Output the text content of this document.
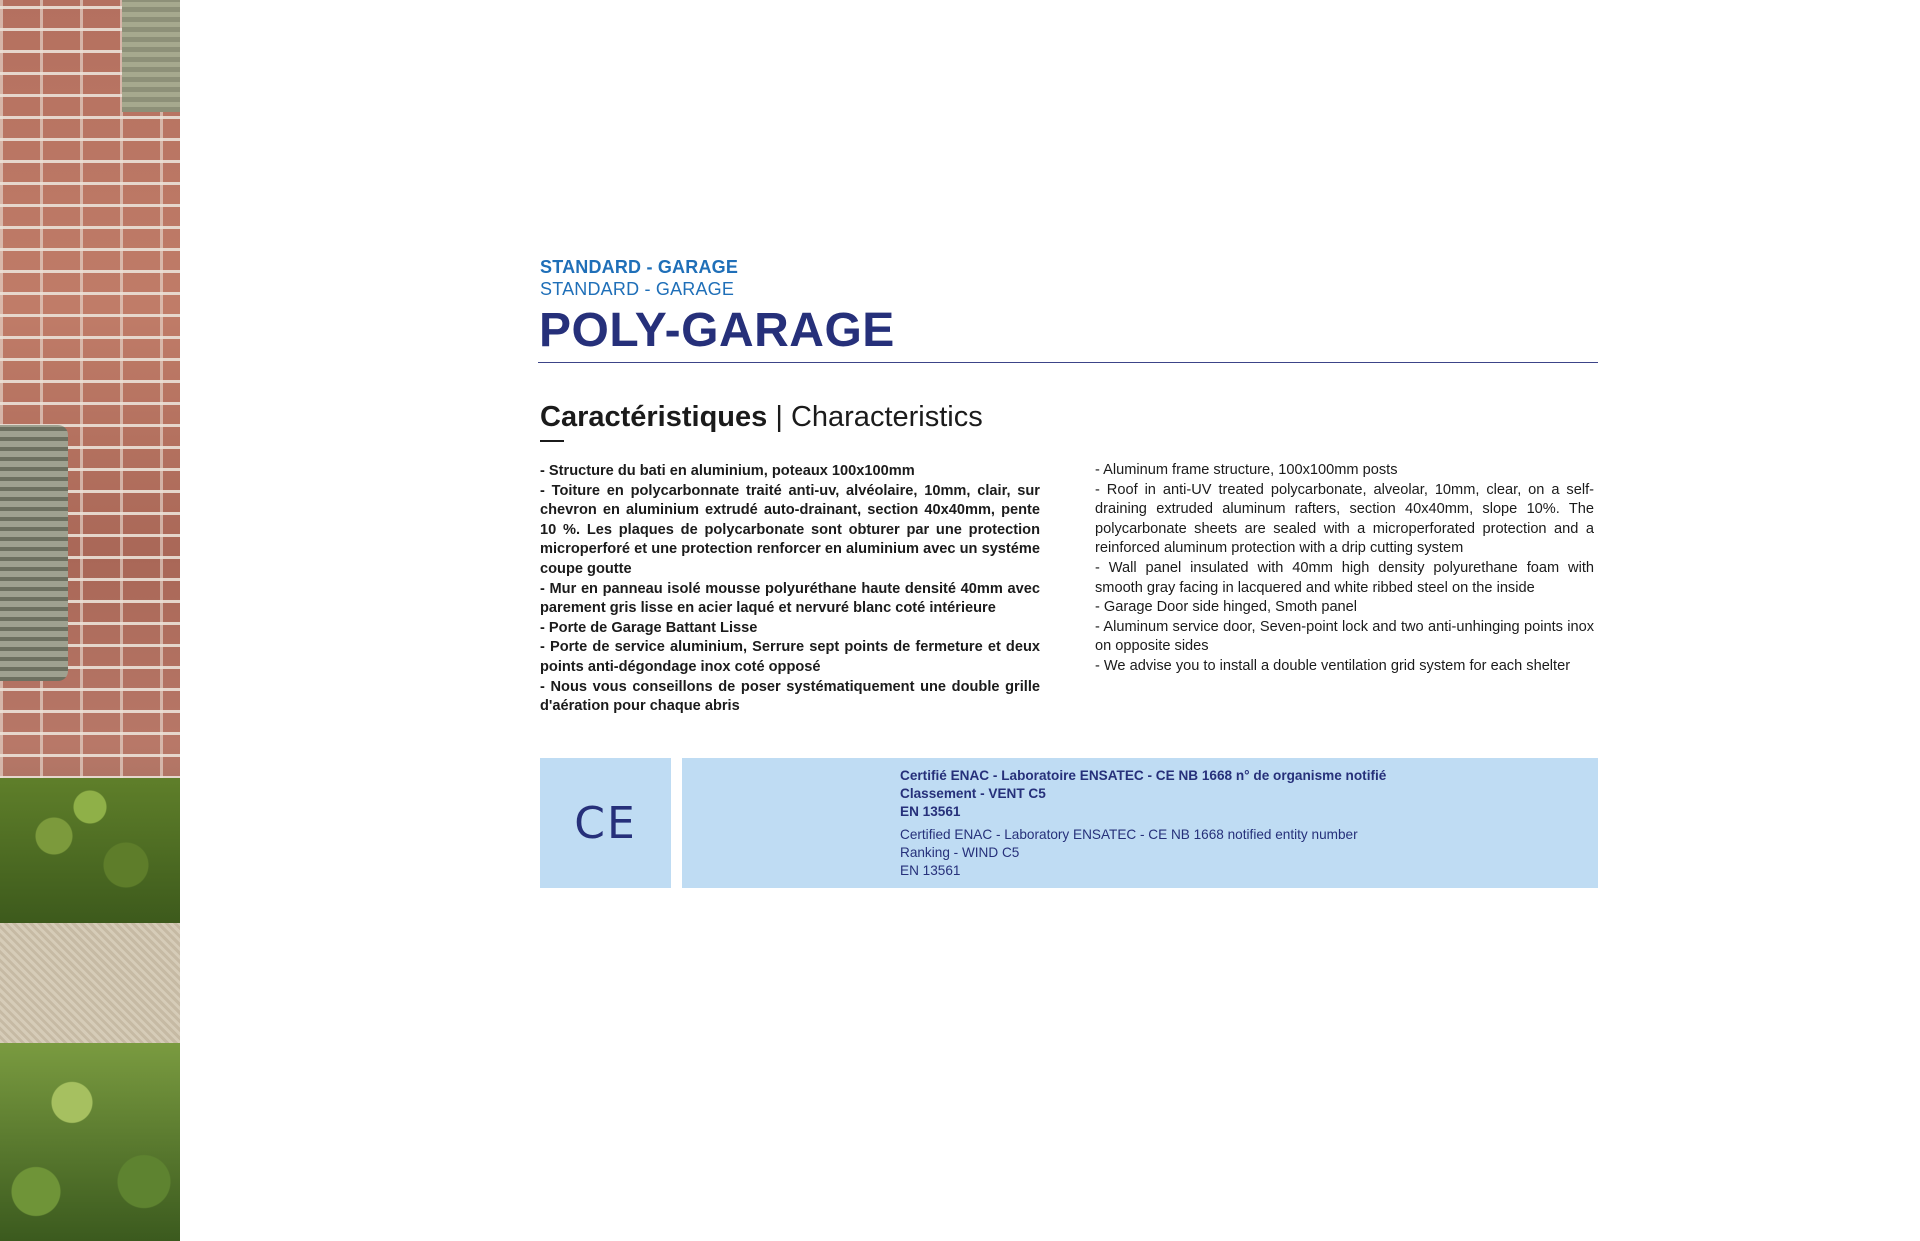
STANDARD - GARAGE

STANDARD - GARAGE

POLY-GARAGE
Caractéristiques | Characteristics
- Structure du bati en aluminium, poteaux 100x100mm
- Toiture en polycarbonnate traité anti-uv, alvéolaire, 10mm, clair, sur chevron en aluminium extrudé auto-drainant, section 40x40mm, pente 10 %. Les plaques de polycarbonate sont obturer par une protection microperforé et une protection renforcer en aluminium avec un systéme coupe goutte
- Mur en panneau isolé mousse polyuréthane haute densité 40mm avec parement gris lisse en acier laqué et nervuré blanc coté intérieure
- Porte de Garage Battant Lisse
- Porte de service aluminium, Serrure sept points de fermeture et deux points anti-dégondage inox coté opposé
- Nous vous conseillons de poser systématiquement une double grille d'aération pour chaque abris
- Aluminum frame structure, 100x100mm posts
- Roof in anti-UV treated polycarbonate, alveolar, 10mm, clear, on a self-draining extruded aluminum rafters, section 40x40mm, slope 10%. The polycarbonate sheets are sealed with a microperforated protection and a reinforced aluminum protection with a drip cutting system
- Wall panel insulated with 40mm high density polyurethane foam with smooth gray facing in lacquered and white ribbed steel on the inside
- Garage Door side hinged, Smoth panel
- Aluminum service door, Seven-point lock and two anti-unhinging points inox on opposite sides
- We advise you to install a double ventilation grid system for each shelter
CE
Certifié ENAC - Laboratoire ENSATEC - CE NB 1668 n° de organisme notifié
Classement - VENT C5
EN 13561
Certified ENAC - Laboratory ENSATEC - CE NB 1668 notified entity number
Ranking - WIND C5
EN 13561
